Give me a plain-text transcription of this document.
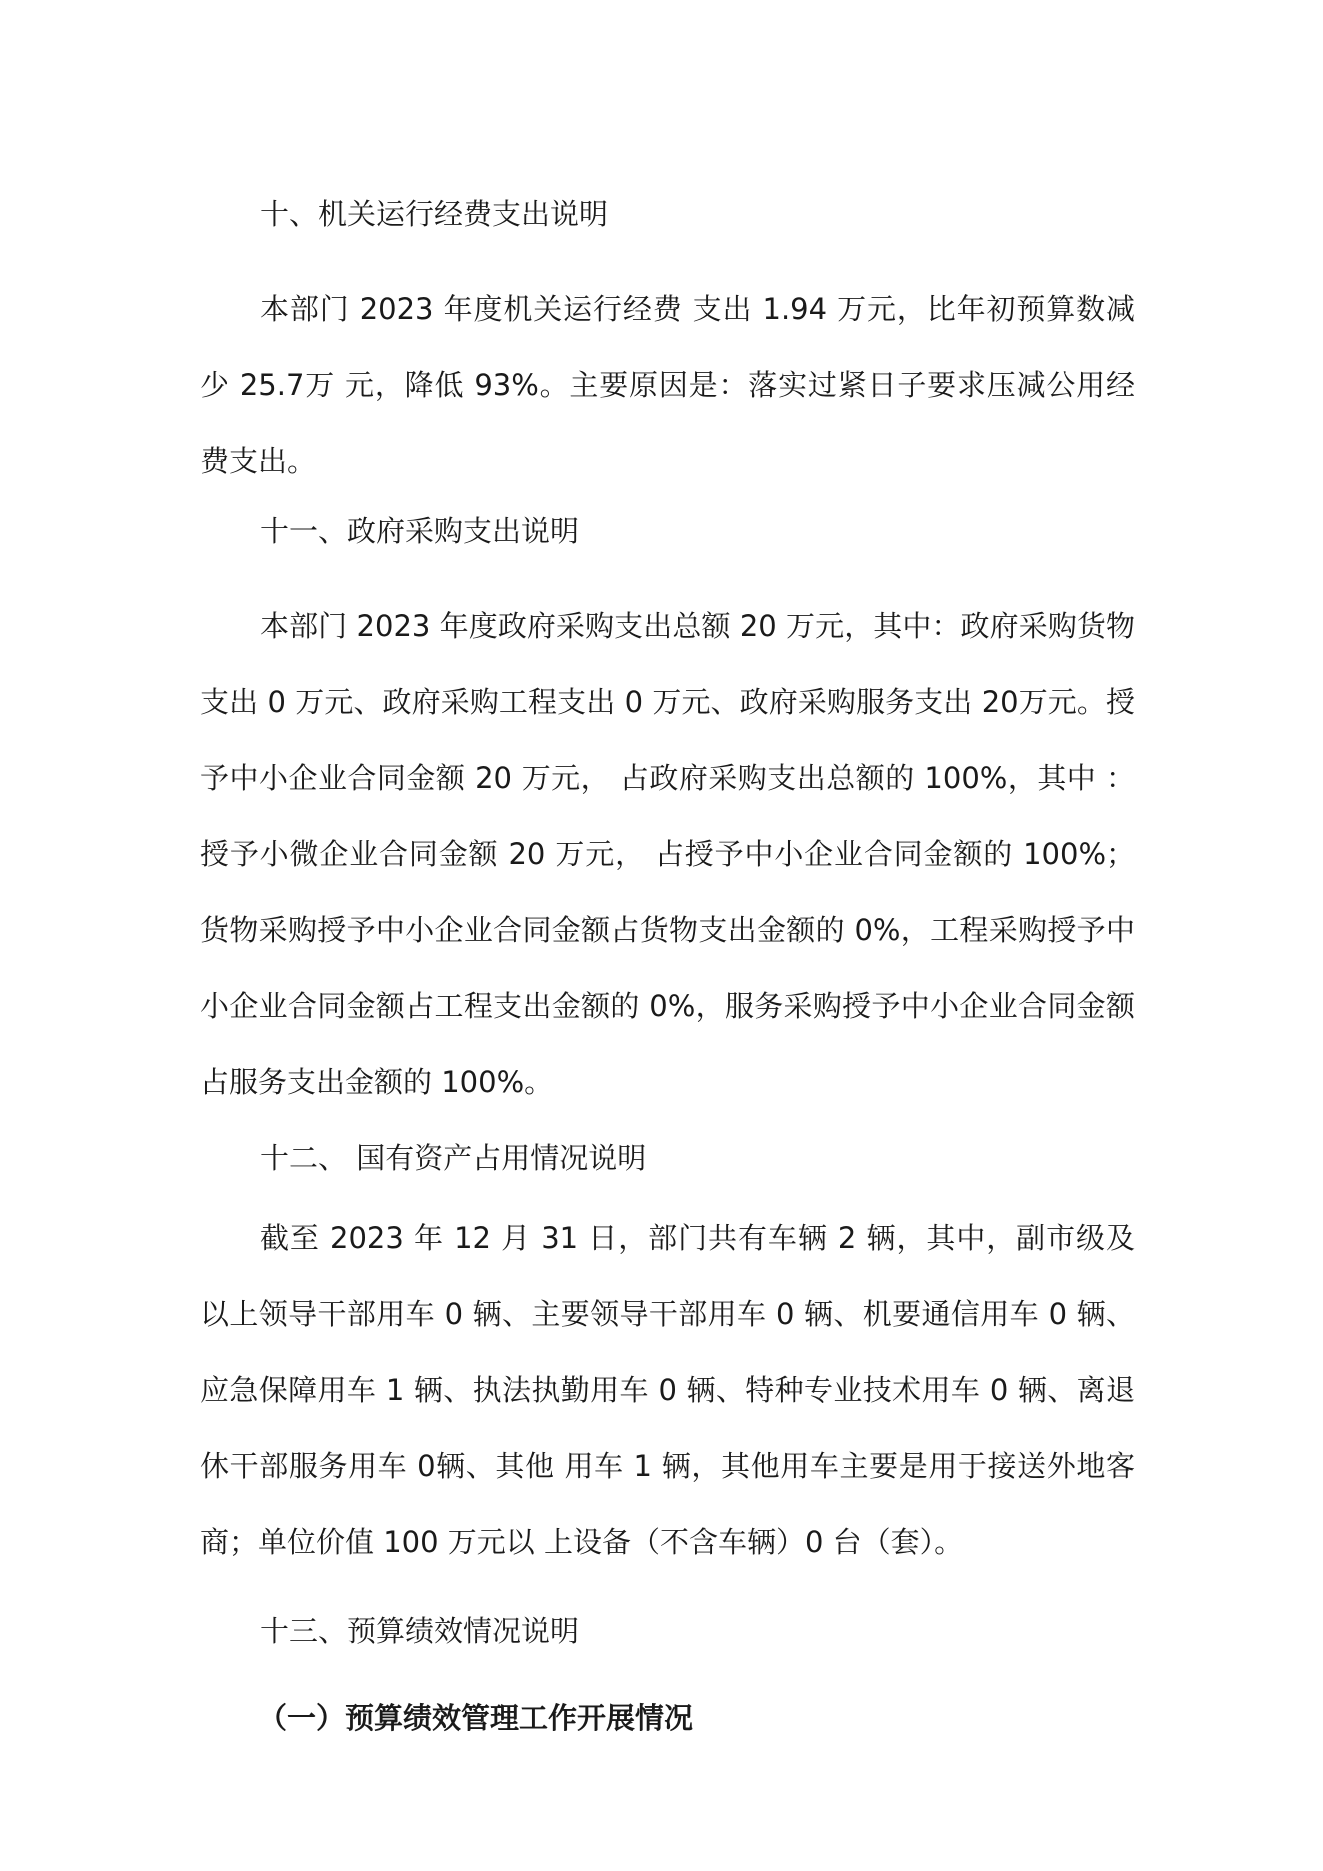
十、机关运行经费支出说明

本部门 2023 年度机关运行经费 支出 1.94 万元，比年初预算数减少 25.7万 元，降低 93%。主要原因是：落实过紧日子要求压减公用经费支出。

十一、政府采购支出说明

本部门 2023 年度政府采购支出总额 20 万元，其中：政府采购货物支出 0 万元、政府采购工程支出 0 万元、政府采购服务支出 20万元。授予中小企业合同金额 20 万元， 占政府采购支出总额的 100%，其中 ：授予小微企业合同金额 20 万元， 占授予中小企业合同金额的 100%；货物采购授予中小企业合同金额占货物支出金额的 0%，工程采购授予中小企业合同金额占工程支出金额的 0%，服务采购授予中小企业合同金额占服务支出金额的 100%。

十二、 国有资产占用情况说明

截至 2023 年 12 月 31 日，部门共有车辆 2 辆，其中，副市级及以上领导干部用车 0 辆、主要领导干部用车 0 辆、机要通信用车 0 辆、 应急保障用车 1 辆、执法执勤用车 0 辆、特种专业技术用车 0 辆、离退休干部服务用车 0辆、其他 用车 1 辆，其他用车主要是用于接送外地客商；单位价值 100 万元以 上设备（不含车辆）0 台（套）。

十三、预算绩效情况说明

（一）预算绩效管理工作开展情况
